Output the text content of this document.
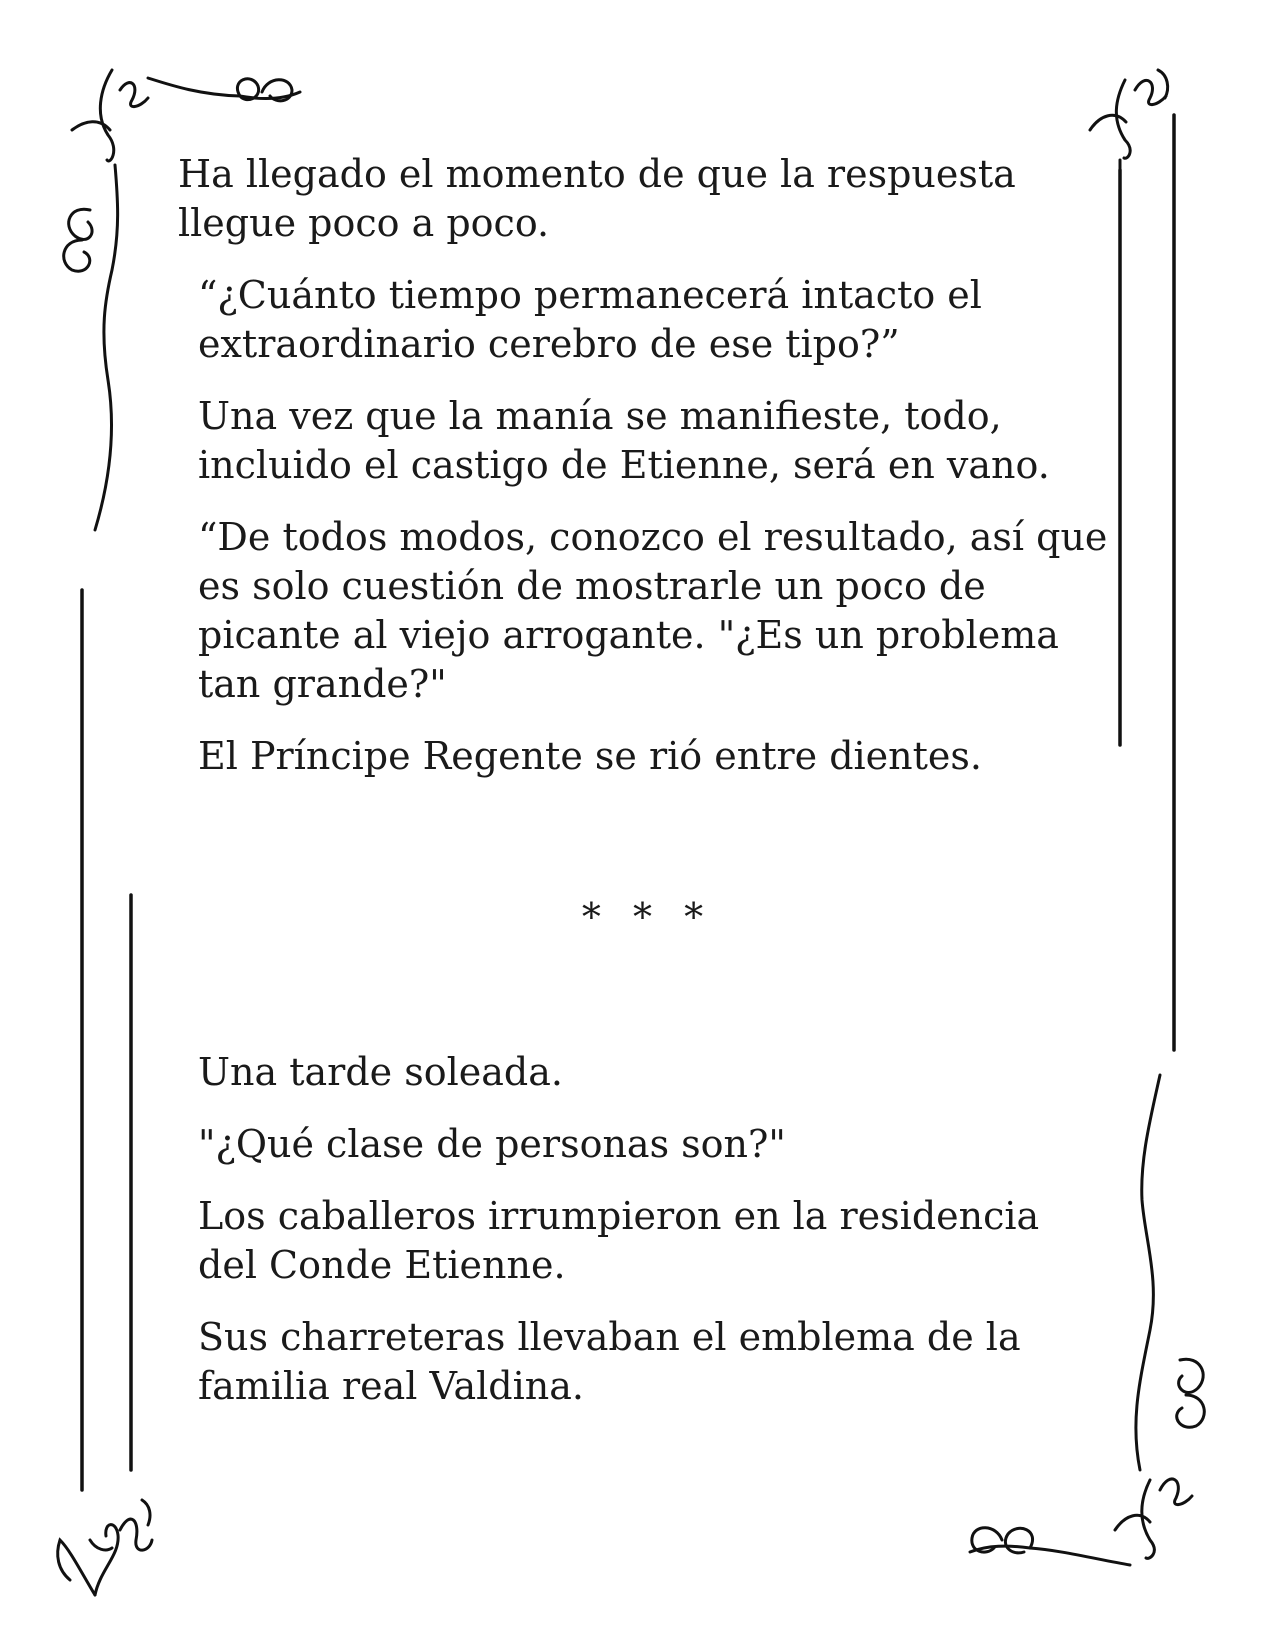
Ha llegado el momento de que la respuesta llegue poco a poco.

“¿Cuánto tiempo permanecerá intacto el extraordinario cerebro de ese tipo?”

Una vez que la manía se manifieste, todo, incluido el castigo de Etienne, será en vano.

“De todos modos, conozco el resultado, así que es solo cuestión de mostrarle un poco de picante al viejo arrogante. "¿Es un problema tan grande?"

El Príncipe Regente se rió entre dientes.

* * *

Una tarde soleada.

"¿Qué clase de personas son?"

Los caballeros irrumpieron en la residencia del Conde Etienne.

Sus charreteras llevaban el emblema de la familia real Valdina.
